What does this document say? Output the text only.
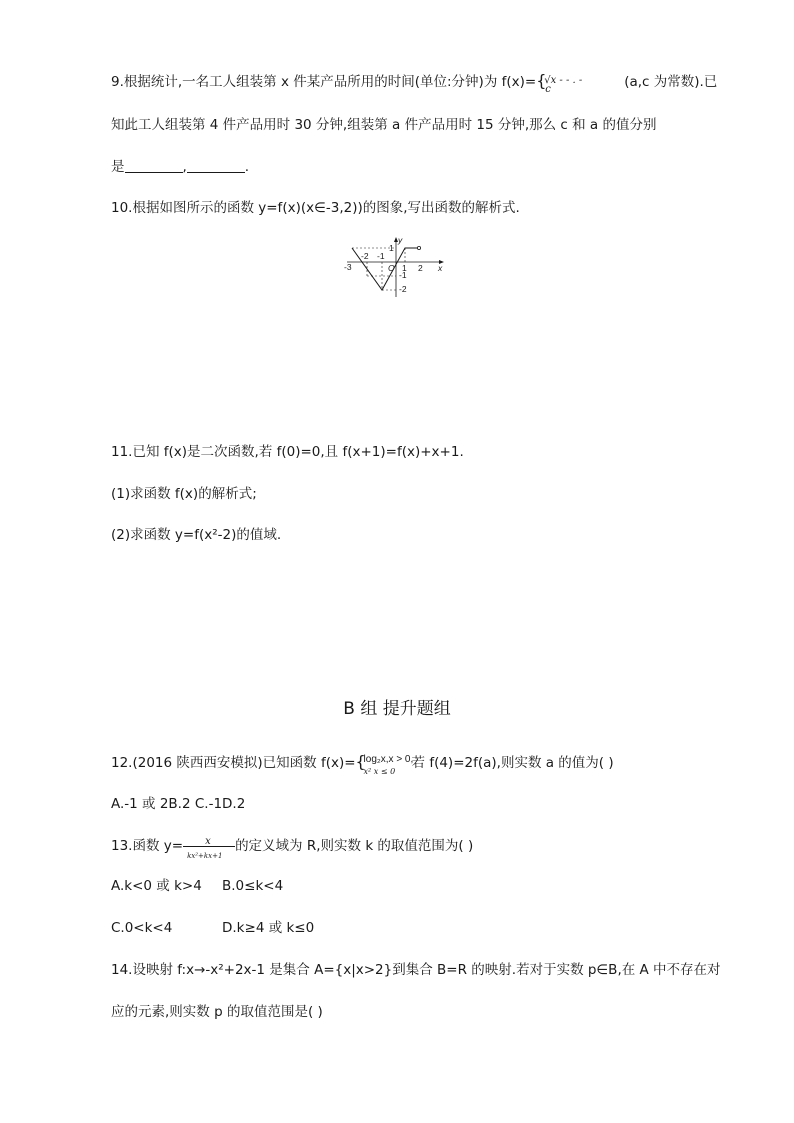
9.根据统计,一名工人组装第 x 件某产品所用的时间(单位:分钟)为 f(x)= {
√x - - . -
c	(a,c 为常数).已
知此工人组装第 4 件产品用时 30 分钟,组装第 a 件产品用时 15 分钟,那么 c 和 a 的值分别
是	,	.
10.根据如图所示的函数 y=f(x)(x∈-3,2))的图象,写出函数的解析式.
-3
-2 -1
O 1 2 x
y
1
-1
-2
11.已知 f(x)是二次函数,若 f(0)=0,且 f(x+1)=f(x)+x+1.
(1)求函数 f(x)的解析式;
(2)求函数 y=f(x²-2)的值域.
B 组 提升题组
12.(2016 陕西西安模拟)已知函数 f(x)= {
log₂x,x > 0,
x² x ≤ 0
若 f(4)=2f(a),则实数 a 的值为( )
A.-1 或 2B.2 C.-1D.2
13.函数 y= x
kx²+kx+1
的定义域为 R,则实数 k 的取值范围为( )
A.k<0 或 k>4 B.0≤k<4
C.0<k<4	D.k≥4 或 k≤0
14.设映射 f:x→-x²+2x-1 是集合 A={x|x>2}到集合 B=R 的映射.若对于实数 p∈B,在 A 中不存在对
应的元素,则实数 p 的取值范围是( )
